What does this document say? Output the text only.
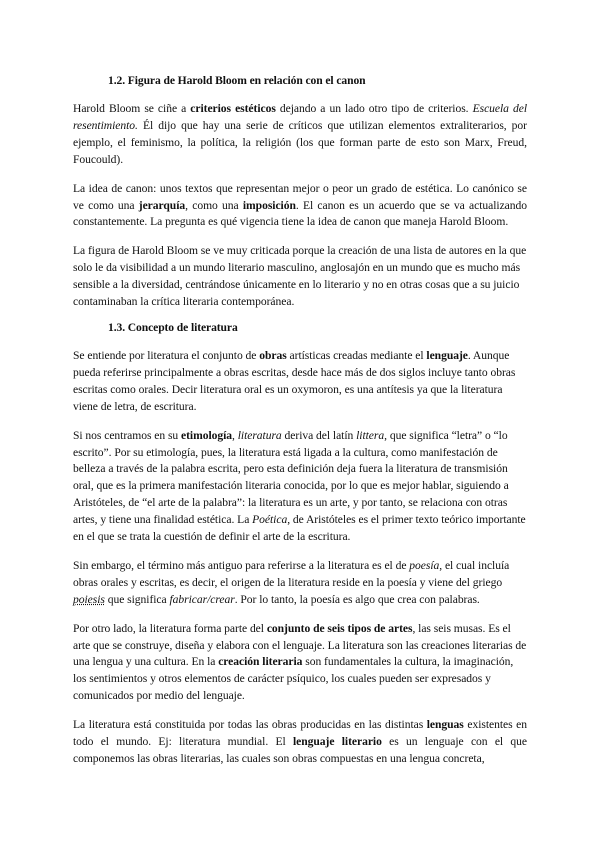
1.2. Figura de Harold Bloom en relación con el canon

Harold Bloom se ciñe a criterios estéticos dejando a un lado otro tipo de criterios. Escuela del resentimiento. Él dijo que hay una serie de críticos que utilizan elementos extraliterarios, por ejemplo, el feminismo, la política, la religión (los que forman parte de esto son Marx, Freud, Foucould).

La idea de canon: unos textos que representan mejor o peor un grado de estética. Lo canónico se ve como una jerarquía, como una imposición. El canon es un acuerdo que se va actualizando constantemente. La pregunta es qué vigencia tiene la idea de canon que maneja Harold Bloom.

La figura de Harold Bloom se ve muy criticada porque la creación de una lista de autores en la que solo le da visibilidad a un mundo literario masculino, anglosajón en un mundo que es mucho más sensible a la diversidad, centrándose únicamente en lo literario y no en otras cosas que a su juicio contaminaban la crítica literaria contemporánea.

1.3. Concepto de literatura

Se entiende por literatura el conjunto de obras artísticas creadas mediante el lenguaje. Aunque pueda referirse principalmente a obras escritas, desde hace más de dos siglos incluye tanto obras escritas como orales. Decir literatura oral es un oxymoron, es una antítesis ya que la literatura viene de letra, de escritura.

Si nos centramos en su etimología, literatura deriva del latín littera, que significa “letra” o “lo escrito”. Por su etimología, pues, la literatura está ligada a la cultura, como manifestación de belleza a través de la palabra escrita, pero esta definición deja fuera la literatura de transmisión oral, que es la primera manifestación literaria conocida, por lo que es mejor hablar, siguiendo a Aristóteles, de “el arte de la palabra”: la literatura es un arte, y por tanto, se relaciona con otras artes, y tiene una finalidad estética. La Poética, de Aristóteles es el primer texto teórico importante en el que se trata la cuestión de definir el arte de la escritura.

Sin embargo, el término más antiguo para referirse a la literatura es el de poesía, el cual incluía obras orales y escritas, es decir, el origen de la literatura reside en la poesía y viene del griego poiesis que significa fabricar/crear. Por lo tanto, la poesía es algo que crea con palabras.

Por otro lado, la literatura forma parte del conjunto de seis tipos de artes, las seis musas. Es el arte que se construye, diseña y elabora con el lenguaje. La literatura son las creaciones literarias de una lengua y una cultura. En la creación literaria son fundamentales la cultura, la imaginación, los sentimientos y otros elementos de carácter psíquico, los cuales pueden ser expresados y comunicados por medio del lenguaje.

La literatura está constituida por todas las obras producidas en las distintas lenguas existentes en todo el mundo. Ej: literatura mundial. El lenguaje literario es un lenguaje con el que componemos las obras literarias, las cuales son obras compuestas en una lengua concreta,
